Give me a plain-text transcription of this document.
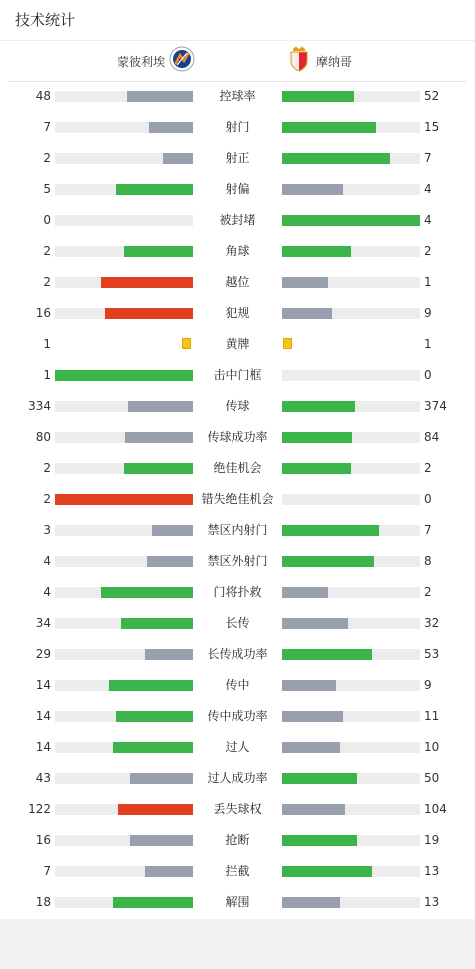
技术统计
蒙彼利埃	摩纳哥
48	控球率	52
7	射门	15
2	射正	7
5	射偏	4
0	被封堵	4
2	角球	2
2	越位	1
16	犯规	9
1	黄牌	1
1	击中门框	0
334	传球	374
80	传球成功率	84
2	绝佳机会	2
2	错失绝佳机会	0
3	禁区内射门	7
4	禁区外射门	8
4	门将扑救	2
34	长传	32
29	长传成功率	53
14	传中	9
14	传中成功率	11
14	过人	10
43	过人成功率	50
122	丢失球权	104
16	抢断	19
7	拦截	13
18	解围	13
